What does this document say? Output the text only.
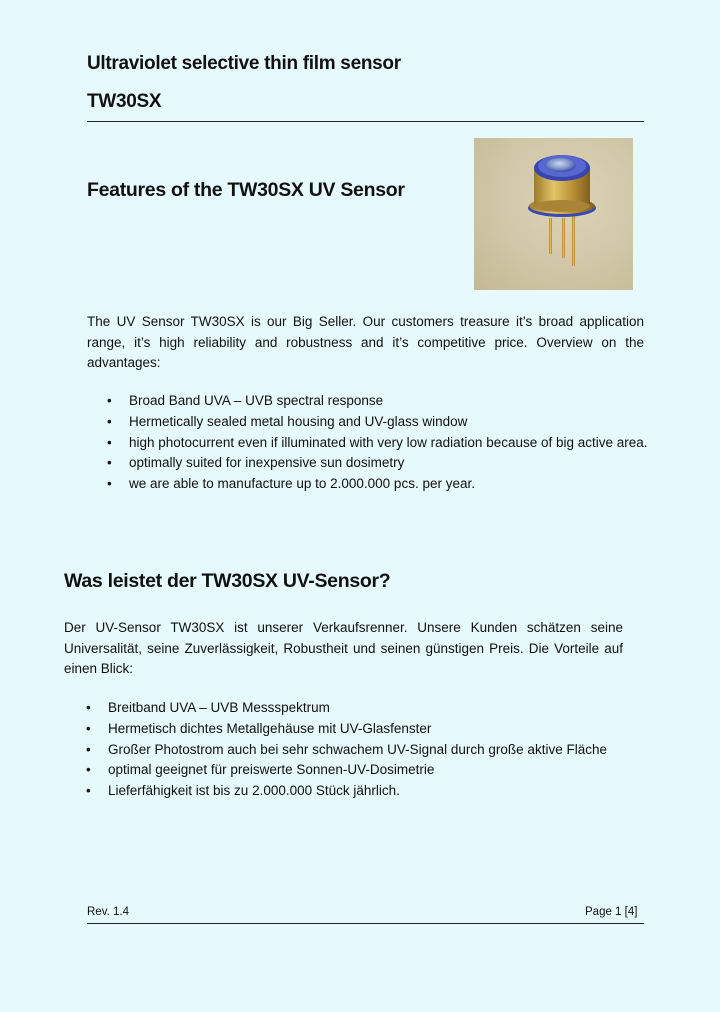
Ultraviolet selective thin film sensor
TW30SX
Features of the TW30SX UV Sensor

The UV Sensor TW30SX is our Big Seller. Our customers treasure it’s broad application range, it’s high reliability and robustness and it’s competitive price. Overview on the advantages:

• Broad Band UVA – UVB spectral response
• Hermetically sealed metal housing and UV-glass window
• high photocurrent even if illuminated with very low radiation because of big active area.
• optimally suited for inexpensive sun dosimetry
• we are able to manufacture up to 2.000.000 pcs. per year.
Was leistet der TW30SX UV-Sensor?

Der UV-Sensor TW30SX ist unserer Verkaufsrenner. Unsere Kunden schätzen seine Universalität, seine Zuverlässigkeit, Robustheit und seinen günstigen Preis. Die Vorteile auf einen Blick:

• Breitband UVA – UVB Messspektrum
• Hermetisch dichtes Metallgehäuse mit UV-Glasfenster
• Großer Photostrom auch bei sehr schwachem UV-Signal durch große aktive Fläche
• optimal geeignet für preiswerte Sonnen-UV-Dosimetrie
• Lieferfähigkeit ist bis zu 2.000.000 Stück jährlich.
Rev. 1.4	Page 1 [4]
